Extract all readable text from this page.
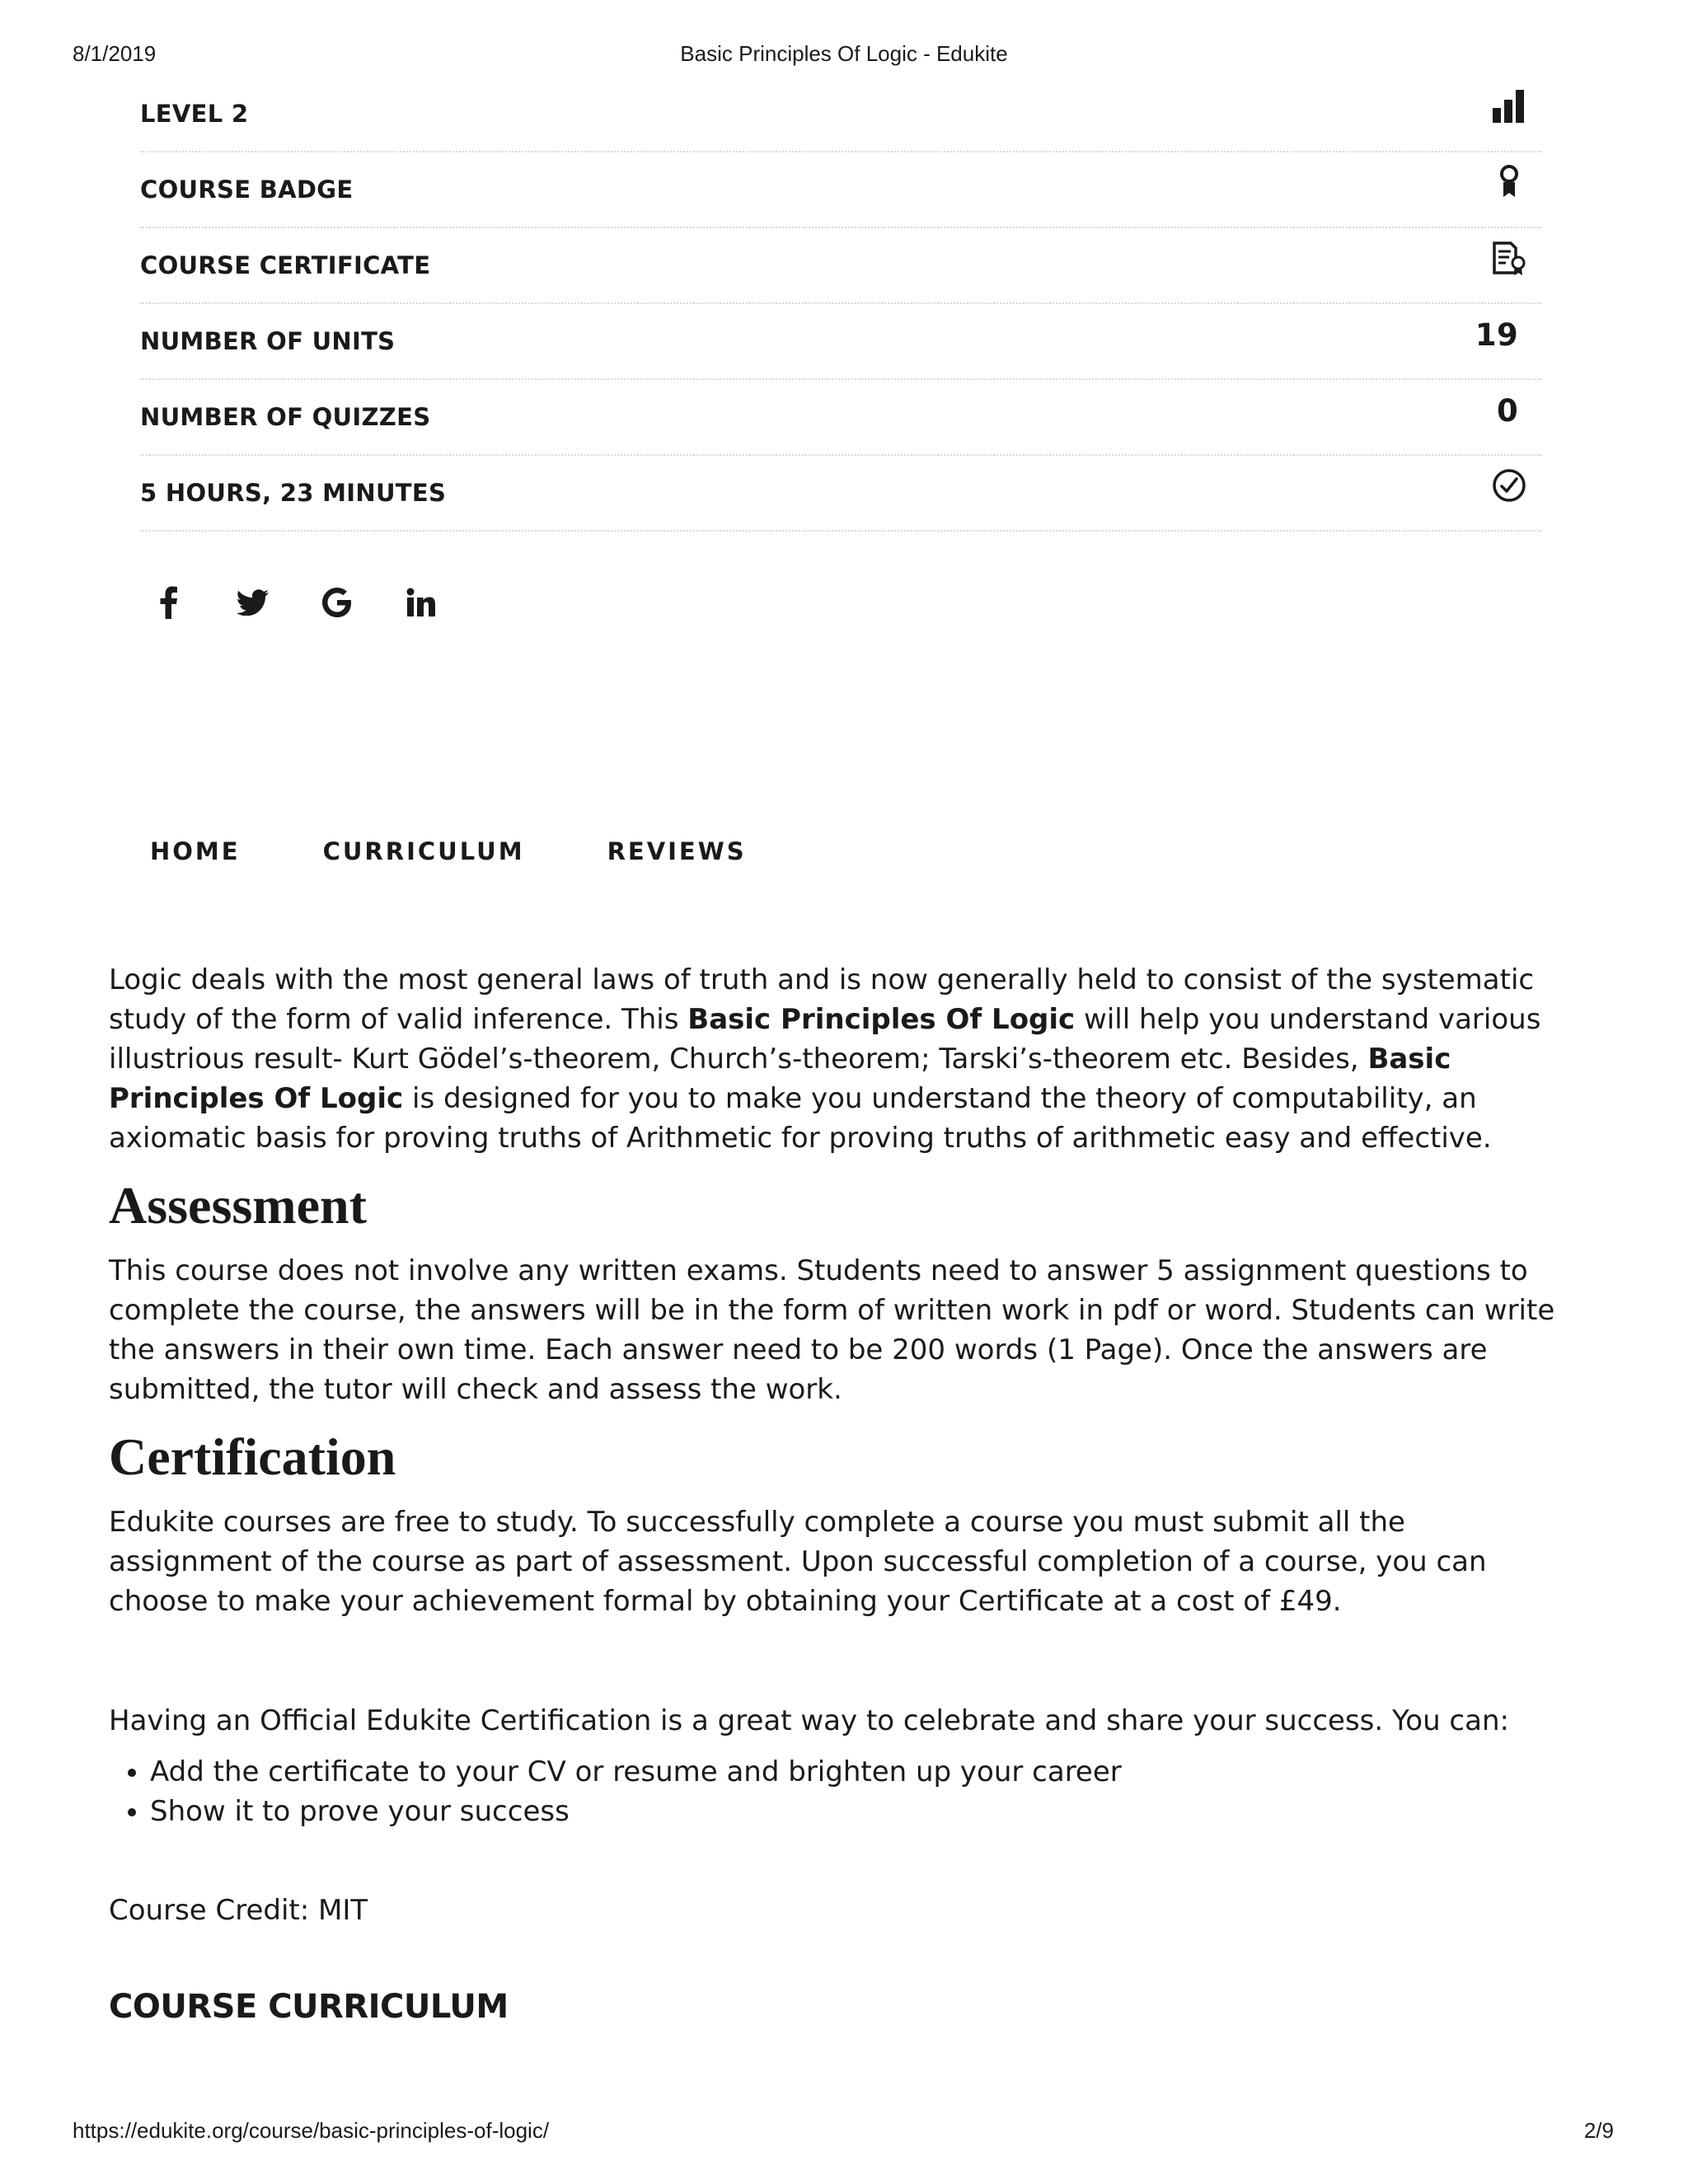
8/1/2019	Basic Principles Of Logic - Edukite
LEVEL 2
COURSE BADGE
COURSE CERTIFICATE
NUMBER OF UNITS	19
NUMBER OF QUIZZES	0
5 HOURS, 23 MINUTES
HOME	CURRICULUM	REVIEWS

Logic deals with the most general laws of truth and is now generally held to consist of the systematic study of the form of valid inference. This Basic Principles Of Logic will help you understand various illustrious result- Kurt Gödel’s-theorem, Church’s-theorem; Tarski’s-theorem etc. Besides, Basic Principles Of Logic is designed for you to make you understand the theory of computability, an axiomatic basis for proving truths of Arithmetic for proving truths of arithmetic easy and effective.

Assessment

This course does not involve any written exams. Students need to answer 5 assignment questions to complete the course, the answers will be in the form of written work in pdf or word. Students can write the answers in their own time. Each answer need to be 200 words (1 Page). Once the answers are submitted, the tutor will check and assess the work.

Certification

Edukite courses are free to study. To successfully complete a course you must submit all the assignment of the course as part of assessment. Upon successful completion of a course, you can choose to make your achievement formal by obtaining your Certificate at a cost of £49.

Having an Official Edukite Certification is a great way to celebrate and share your success. You can:

• Add the certificate to your CV or resume and brighten up your career
• Show it to prove your success

Course Credit: MIT

COURSE CURRICULUM
https://edukite.org/course/basic-principles-of-logic/	2/9
